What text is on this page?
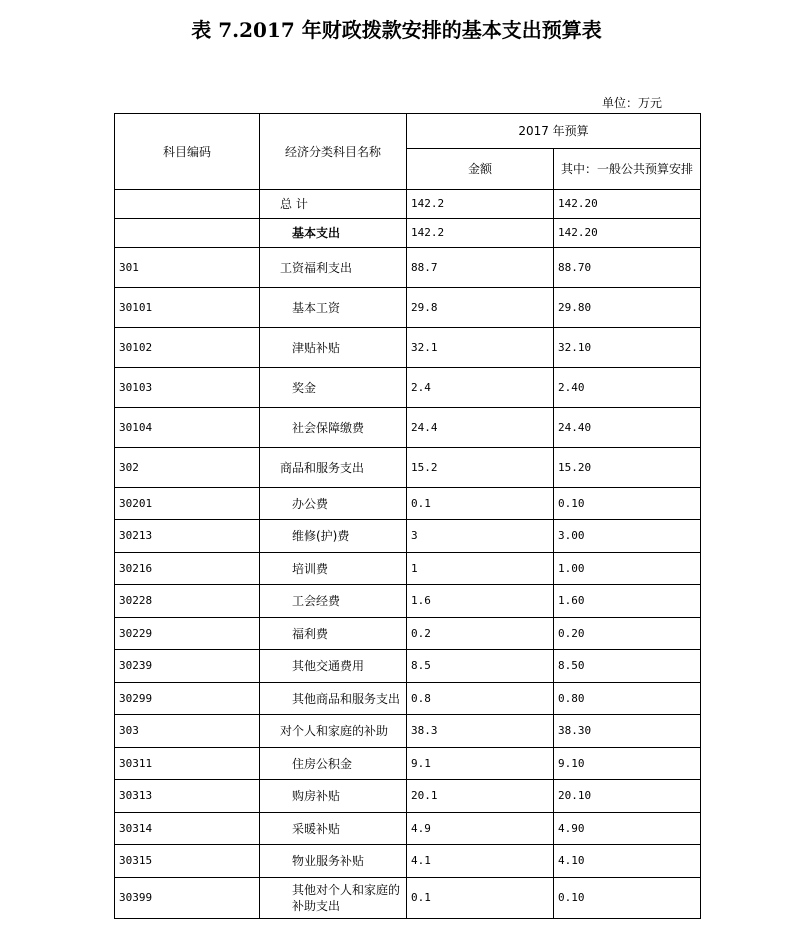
表 7.2017 年财政拨款安排的基本支出预算表
单位：万元
科目编码	经济分类科目名称	2017 年预算	
		金额	其中：一般公共预算安排
	总 计	142.2	142.20
	基本支出	142.2	142.20
301	工资福利支出	88.7	88.70
30101	基本工资	29.8	29.80
30102	津贴补贴	32.1	32.10
30103	奖金	2.4	2.40
30104	社会保障缴费	24.4	24.40
302	商品和服务支出	15.2	15.20
30201	办公费	0.1	0.10
30213	维修(护)费	3	3.00
30216	培训费	1	1.00
30228	工会经费	1.6	1.60
30229	福利费	0.2	0.20
30239	其他交通费用	8.5	8.50
30299	其他商品和服务支出	0.8	0.80
303	对个人和家庭的补助	38.3	38.30
30311	住房公积金	9.1	9.10
30313	购房补贴	20.1	20.10
30314	采暖补贴	4.9	4.90
30315	物业服务补贴	4.1	4.10
30399	其他对个人和家庭的补助支出	0.1	0.10
